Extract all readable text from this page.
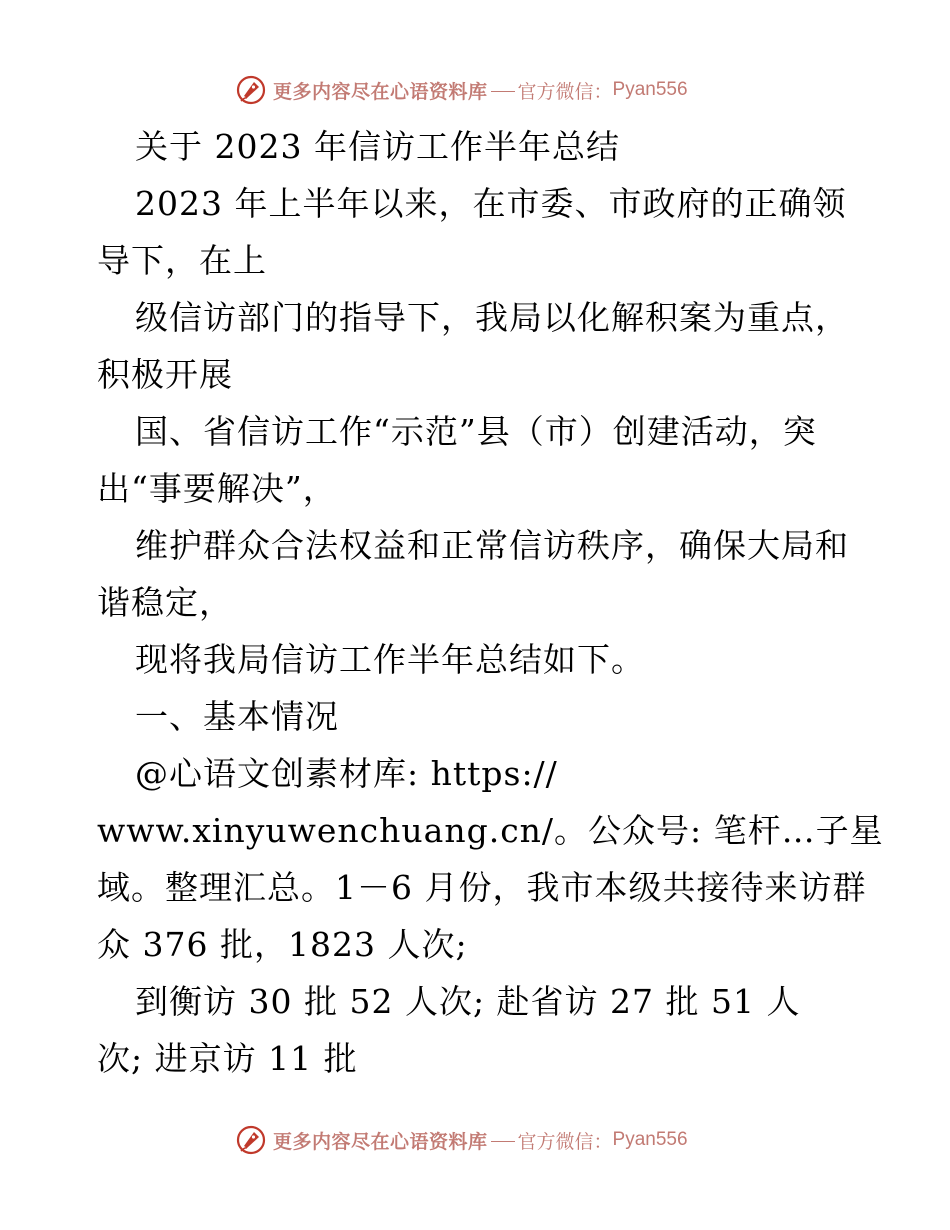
更多内容尽在心语资料库 官方微信： Pyan556
关于 2023 年信访工作半年总结
2023 年上半年以来，在市委、市政府的正确领
导下，在上
级信访部门的指导下，我局以化解积案为重点，
积极开展
国、省信访工作“示范”县（市）创建活动，突
出“事要解决”，
维护群众合法权益和正常信访秩序，确保大局和
谐稳定，
现将我局信访工作半年总结如下。
一、基本情况
@心语文创素材库: https://
www.xinyuwenchuang.cn/。公众号: 笔杆…子星
域。整理汇总。1－6 月份，我市本级共接待来访群
众 376 批，1823 人次;
到衡访 30 批 52 人次; 赴省访 27 批 51 人
次; 进京访 11 批
更多内容尽在心语资料库 官方微信： Pyan556
